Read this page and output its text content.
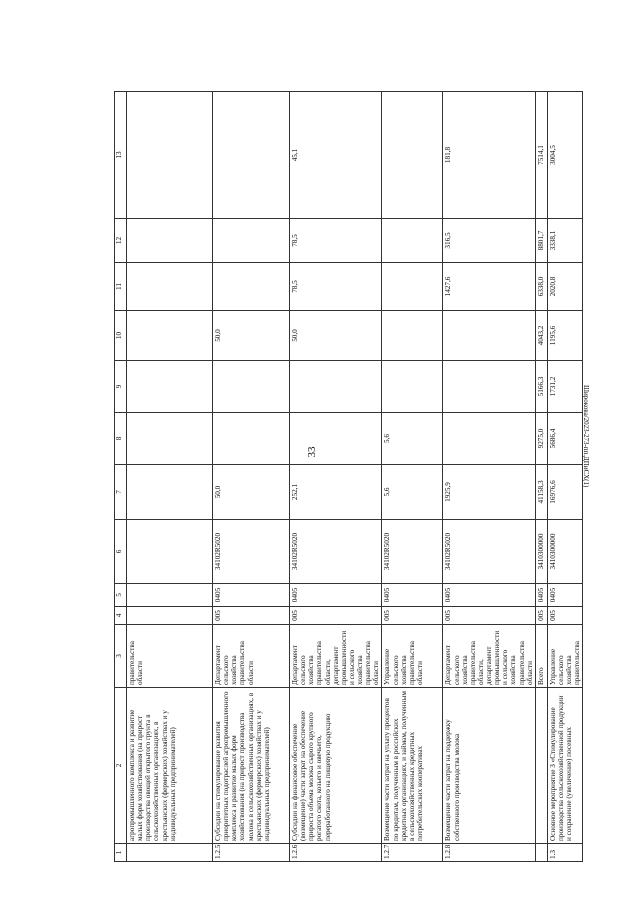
33	Широкова/2023-273-пп.ДПиСХ(1)
1	2	3	4	5	6	7	8	9	10	11	12	13
	агропромышленного комплекса и развитие малых форм хозяйствования (на прирост производства овощей открытого грунта в сельскохозяйственных организациях, в крестьянских (фермерских) хозяйствах и у индивидуальных предпринимателей)	правительства области										
1.2.5	Субсидии на стимулирование развития приоритетных подотраслей агропромышленного комплекса и развитие малых форм хозяйствования (на прирост производства молока в сельскохозяйственных организациях, в крестьянских (фермерских) хозяйствах и у индивидуальных предпринимателей)	Департамент сельского хозяйства правительства области	005	0405	34102R5020	50,0			50,0			
1.2.6	Субсидии на финансовое обеспечение (возмещение) части затрат на обеспечение прироста объема молока сырого крупного рогатого скота, козьего и овечьего, переработанного на пищевую продукцию	Департамент сельского хозяйства правительства области, департамент промышленности и сельского хозяйства правительства области	005	0405	34102R5020	252,1			50,0	78,5	78,5	45,1
1.2.7	Возмещение части затрат на уплату процентов по кредитам, полученным в российских кредитных организациях, и займам, полученным в сельскохозяйственных кредитных потребительских кооперативах	Управление сельского хозяйства правительства области	005	0405	34102R5020	5,6	5,6					
1.2.8	Возмещение части затрат на поддержку собственного производства молока	Департамент сельского хозяйства правительства области, департамент промышленности и сельского хозяйства правительства области	005	0405	34102R5020	1925,9				1427,6	316,5	181,8
		Всего	005	0405	3410300000	41158,3	9275,0	5166,3	4043,2	6338,0	8801,7	7514,1
1.3	Основное мероприятие 3 «Стимулирование производства сельскохозяйственной продукции и сохранение (увеличение) посевных	Управление сельского хозяйства правительства	005	0405	3410300000	16976,6	5686,4	1731,2	1195,6	2020,8	3338,1	3004,5
